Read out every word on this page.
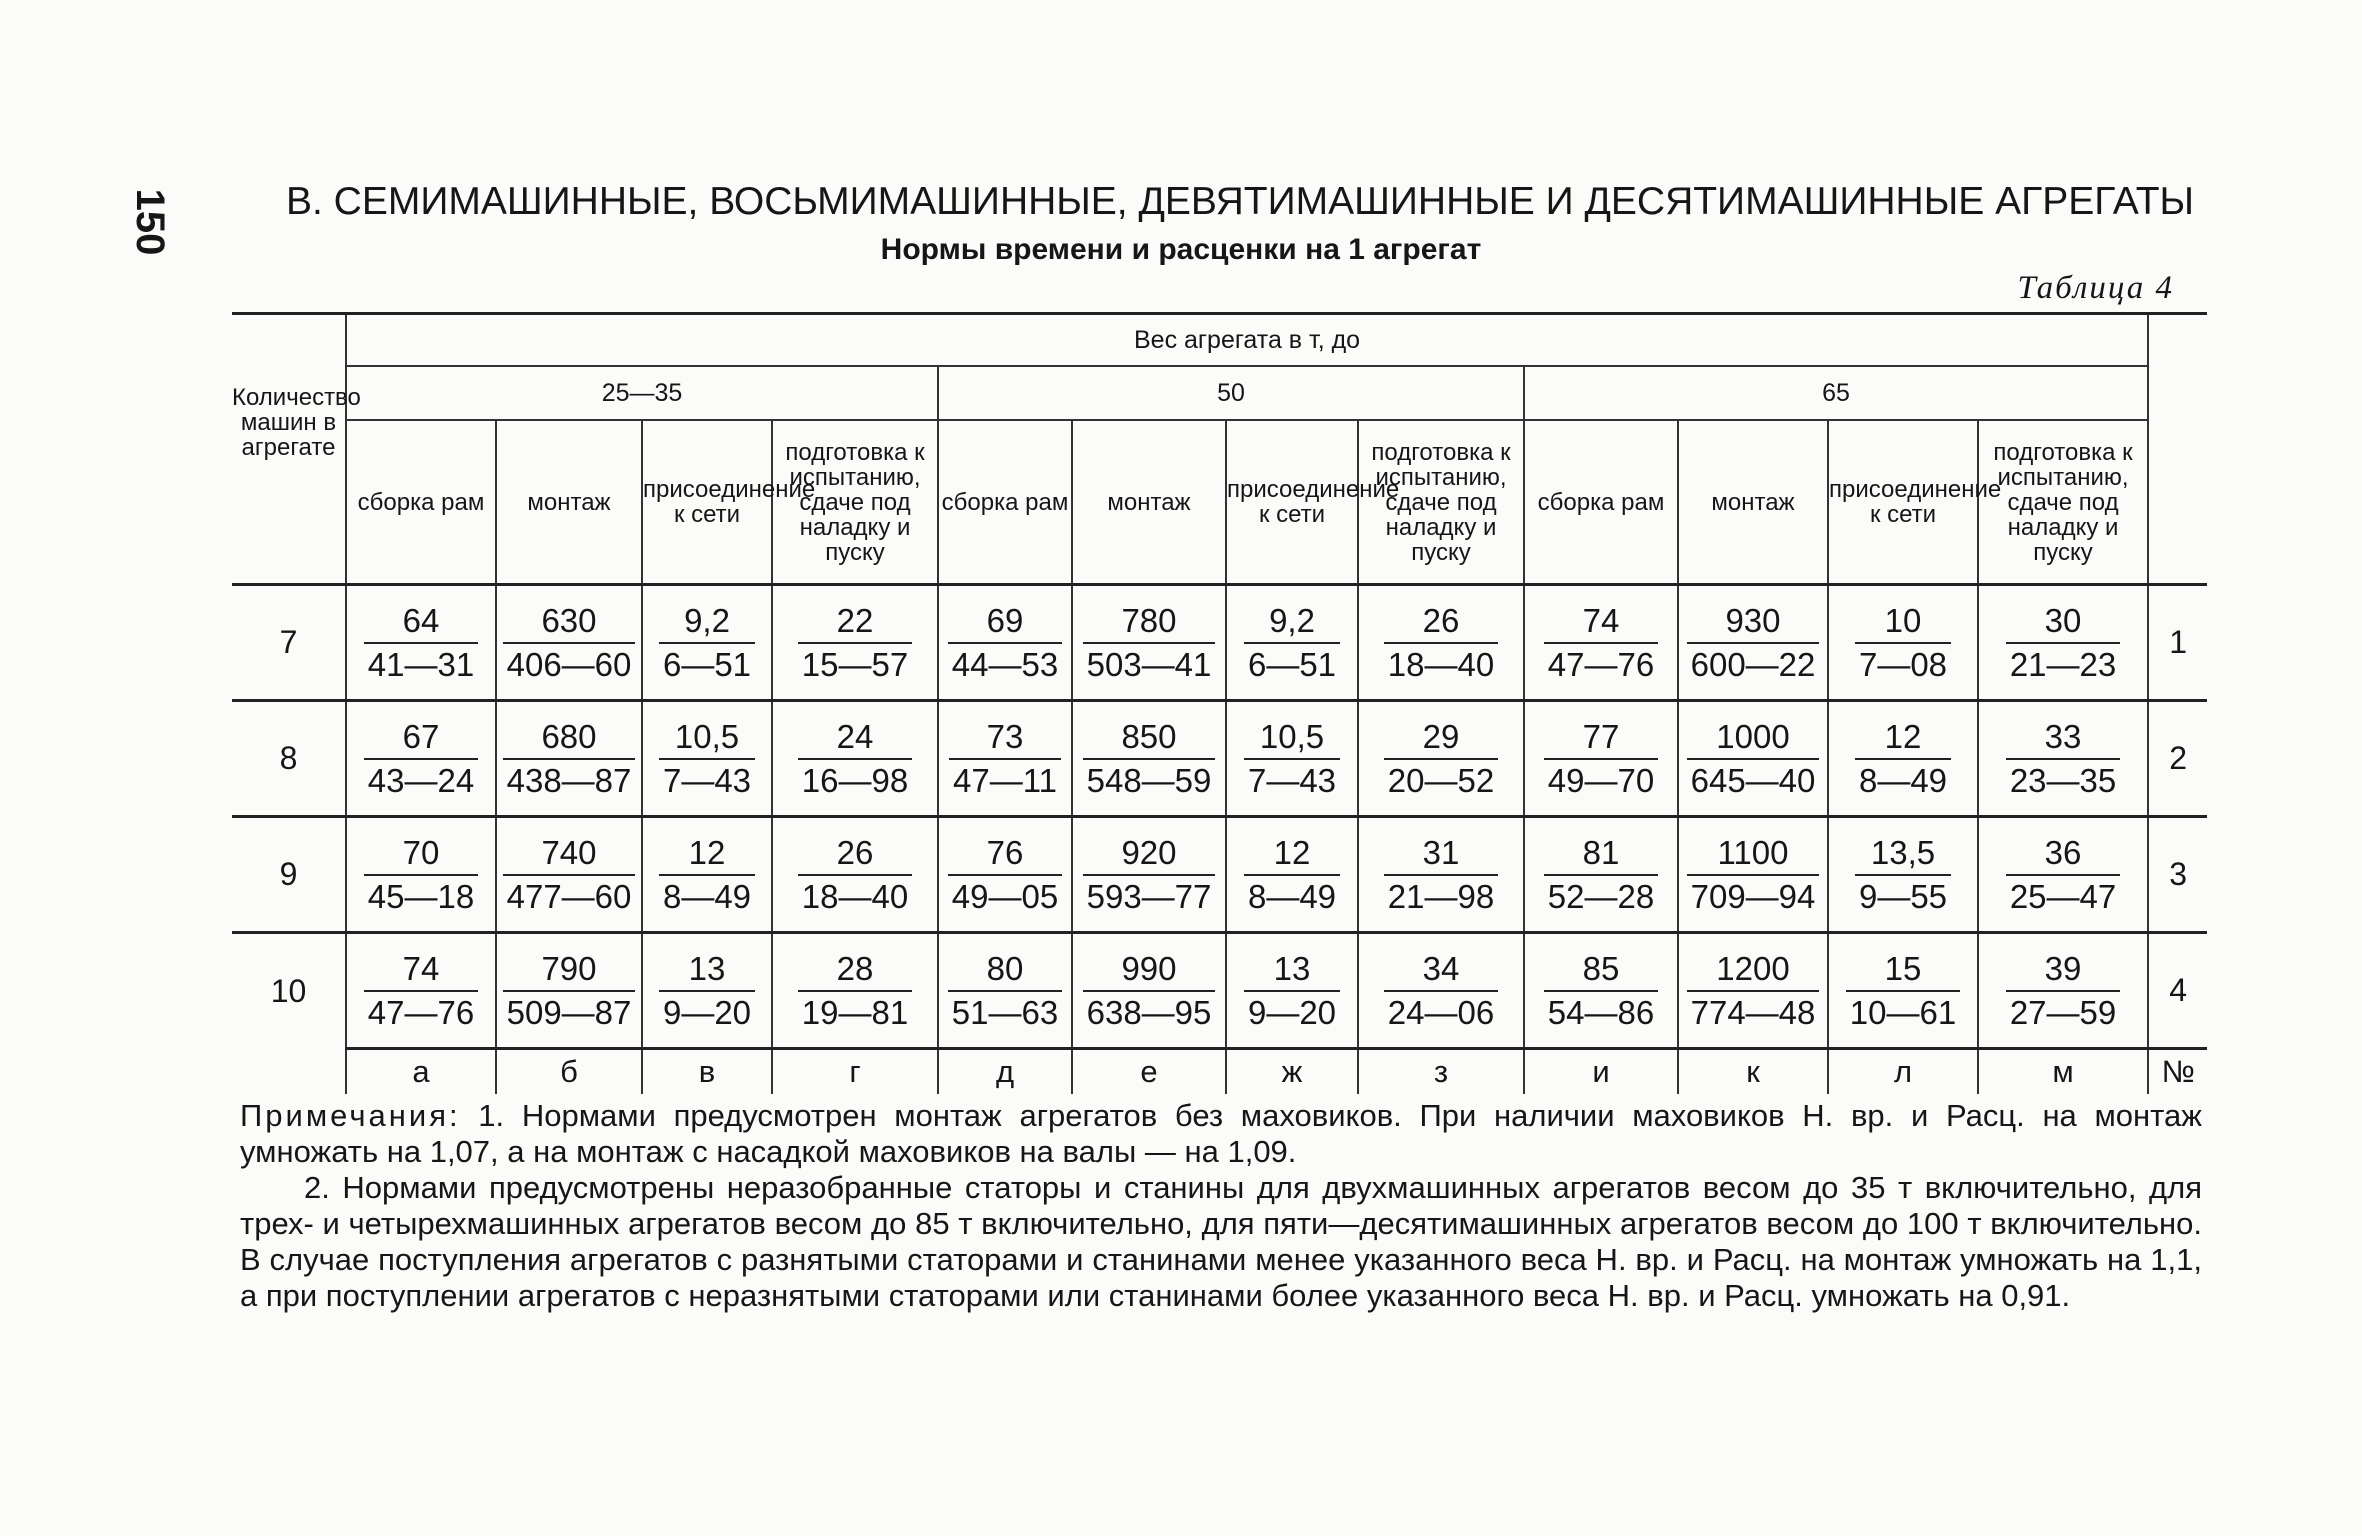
150	В. СЕМИМАШИННЫЕ, ВОСЬМИМАШИННЫЕ, ДЕВЯТИМАШИННЫЕ И ДЕСЯТИМАШИННЫЕ АГРЕГАТЫ
Нормы времени и расценки на 1 агрегат
Таблица 4
Количество машин в агрегате	Вес агрегата в т, до												
	25—35				50				65				
	сборка рам	монтаж	присоединение к сети	подготовка к испытанию, сдаче под наладку и пуску	сборка рам	монтаж	присоединение к сети	подготовка к испытанию, сдаче под наладку и пуску	сборка рам	монтаж	присоединение к сети	подготовка к испытанию, сдаче под наладку и пуску	
7	$\frac{64}{41—31}$	$\frac{630}{406—60}$	$\frac{9,2}{6—51}$	$\frac{22}{15—57}$	$\frac{69}{44—53}$	$\frac{780}{503—41}$	$\frac{9,2}{6—51}$	$\frac{26}{18—40}$	$\frac{74}{47—76}$	$\frac{930}{600—22}$	$\frac{10}{7—08}$	$\frac{30}{21—23}$	1
8	$\frac{67}{43—24}$	$\frac{680}{438—87}$	$\frac{10,5}{7—43}$	$\frac{24}{16—98}$	$\frac{73}{47—11}$	$\frac{850}{548—59}$	$\frac{10,5}{7—43}$	$\frac{29}{20—52}$	$\frac{77}{49—70}$	$\frac{1000}{645—40}$	$\frac{12}{8—49}$	$\frac{33}{23—35}$	2
9	$\frac{70}{45—18}$	$\frac{740}{477—60}$	$\frac{12}{8—49}$	$\frac{26}{18—40}$	$\frac{76}{49—05}$	$\frac{920}{593—77}$	$\frac{12}{8—49}$	$\frac{31}{21—98}$	$\frac{81}{52—28}$	$\frac{1100}{709—94}$	$\frac{13,5}{9—55}$	$\frac{36}{25—47}$	3
10	$\frac{74}{47—76}$	$\frac{790}{509—87}$	$\frac{13}{9—20}$	$\frac{28}{19—81}$	$\frac{80}{51—63}$	$\frac{990}{638—95}$	$\frac{13}{9—20}$	$\frac{34}{24—06}$	$\frac{85}{54—86}$	$\frac{1200}{774—48}$	$\frac{15}{10—61}$	$\frac{39}{27—59}$	4
	а	б	в	г	д	е	ж	з	и	к	л	м	№

Примечания: 1. Нормами предусмотрен монтаж агрегатов без маховиков. При наличии маховиков Н. вр. и Расц. на монтаж умножать на 1,07, а на монтаж с насадкой маховиков на валы — на 1,09.

2. Нормами предусмотрены неразобранные статоры и станины для двухмашинных агрегатов весом до 35 т включительно, для трех- и четырехмашинных агрегатов весом до 85 т включительно, для пяти—десятимашинных агрегатов весом до 100 т включительно. В случае поступления агрегатов с разнятыми статорами и станинами менее указанного веса Н. вр. и Расц. на монтаж умножать на 1,1, а при поступлении агрегатов с неразнятыми статорами или станинами более указанного веса Н. вр. и Расц. умножать на 0,91.
